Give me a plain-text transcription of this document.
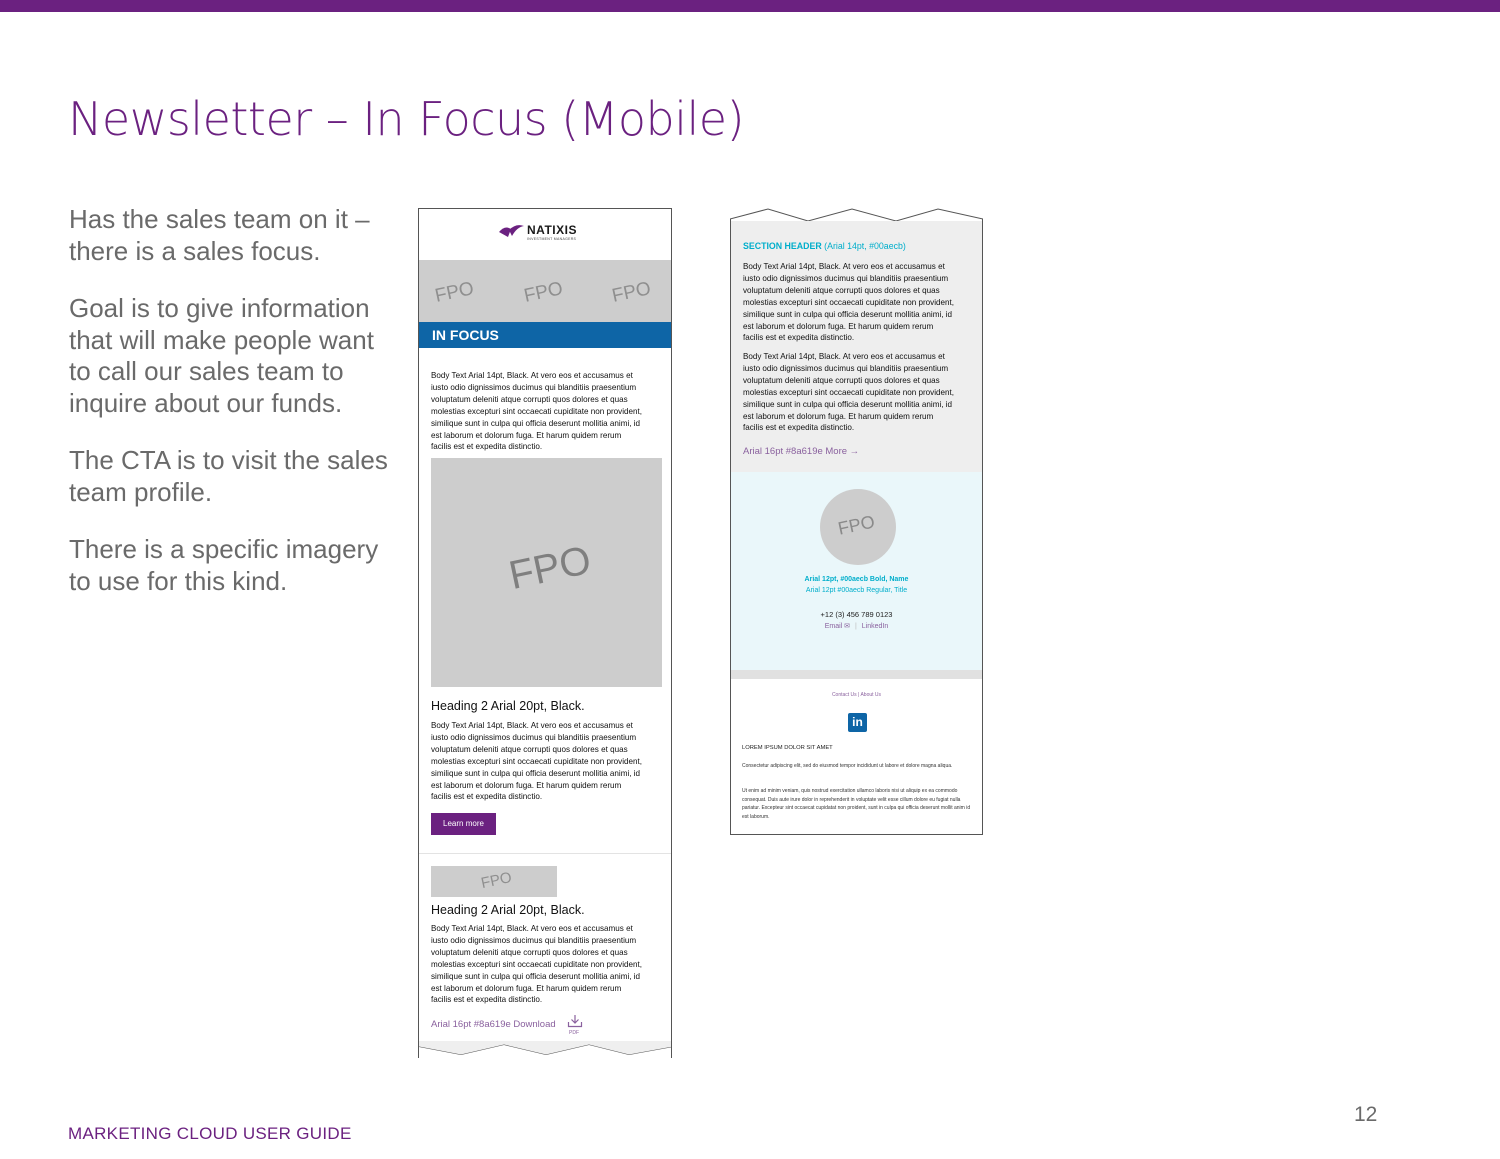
Newsletter – In Focus (Mobile)

Has the sales team on it – there is a sales focus.

Goal is to give information that will make people want to call our sales team to inquire about our funds.

The CTA is to visit the sales team profile.

There is a specific imagery to use for this kind.

NATIXIS
INVESTMENT MANAGERS
FPO FPO FPO
IN FOCUS
Body Text Arial 14pt, Black. At vero eos et accusamus et
iusto odio dignissimos ducimus qui blanditiis praesentium
voluptatum deleniti atque corrupti quos dolores et quas
molestias excepturi sint occaecati cupiditate non provident,
similique sunt in culpa qui officia deserunt mollitia animi, id
est laborum et dolorum fuga. Et harum quidem rerum
facilis est et expedita distinctio.
FPO
Heading 2 Arial 20pt, Black.
Body Text Arial 14pt, Black. At vero eos et accusamus et
iusto odio dignissimos ducimus qui blanditiis praesentium
voluptatum deleniti atque corrupti quos dolores et quas
molestias excepturi sint occaecati cupiditate non provident,
similique sunt in culpa qui officia deserunt mollitia animi, id
est laborum et dolorum fuga. Et harum quidem rerum
facilis est et expedita distinctio.
Learn more
FPO
Heading 2 Arial 20pt, Black.
Body Text Arial 14pt, Black. At vero eos et accusamus et
iusto odio dignissimos ducimus qui blanditiis praesentium
voluptatum deleniti atque corrupti quos dolores et quas
molestias excepturi sint occaecati cupiditate non provident,
similique sunt in culpa qui officia deserunt mollitia animi, id
est laborum et dolorum fuga. Et harum quidem rerum
facilis est et expedita distinctio.
Arial 16pt #8a619e Download
PDF
SECTION HEADER (Arial 14pt, #00aecb)
Body Text Arial 14pt, Black. At vero eos et accusamus et
iusto odio dignissimos ducimus qui blanditiis praesentium
voluptatum deleniti atque corrupti quos dolores et quas
molestias excepturi sint occaecati cupiditate non provident,
similique sunt in culpa qui officia deserunt mollitia animi, id
est laborum et dolorum fuga. Et harum quidem rerum
facilis est et expedita distinctio.
Body Text Arial 14pt, Black. At vero eos et accusamus et
iusto odio dignissimos ducimus qui blanditiis praesentium
voluptatum deleniti atque corrupti quos dolores et quas
molestias excepturi sint occaecati cupiditate non provident,
similique sunt in culpa qui officia deserunt mollitia animi, id
est laborum et dolorum fuga. Et harum quidem rerum
facilis est et expedita distinctio.
Arial 16pt #8a619e More →
FPO
Arial 12pt, #00aecb Bold, Name
Arial 12pt #00aecb Regular, Title
+12 (3) 456 789 0123
Email ✉ | LinkedIn
Contact Us | About Us
in
LOREM IPSUM DOLOR SIT AMET
Consectetur adipiscing elit, sed do eiusmod tempor incididunt ut labore et dolore magna aliqua.
Ut enim ad minim veniam, quis nostrud exercitation ullamco laboris nisi ut aliquip ex ea commodo consequat. Duis aute irure dolor in reprehenderit in voluptate velit esse cillum dolore eu fugiat nulla pariatur. Excepteur sint occaecat cupidatat non proident, sunt in culpa qui officia deserunt mollit anim id est laborum.
MARKETING CLOUD USER GUIDE
12
